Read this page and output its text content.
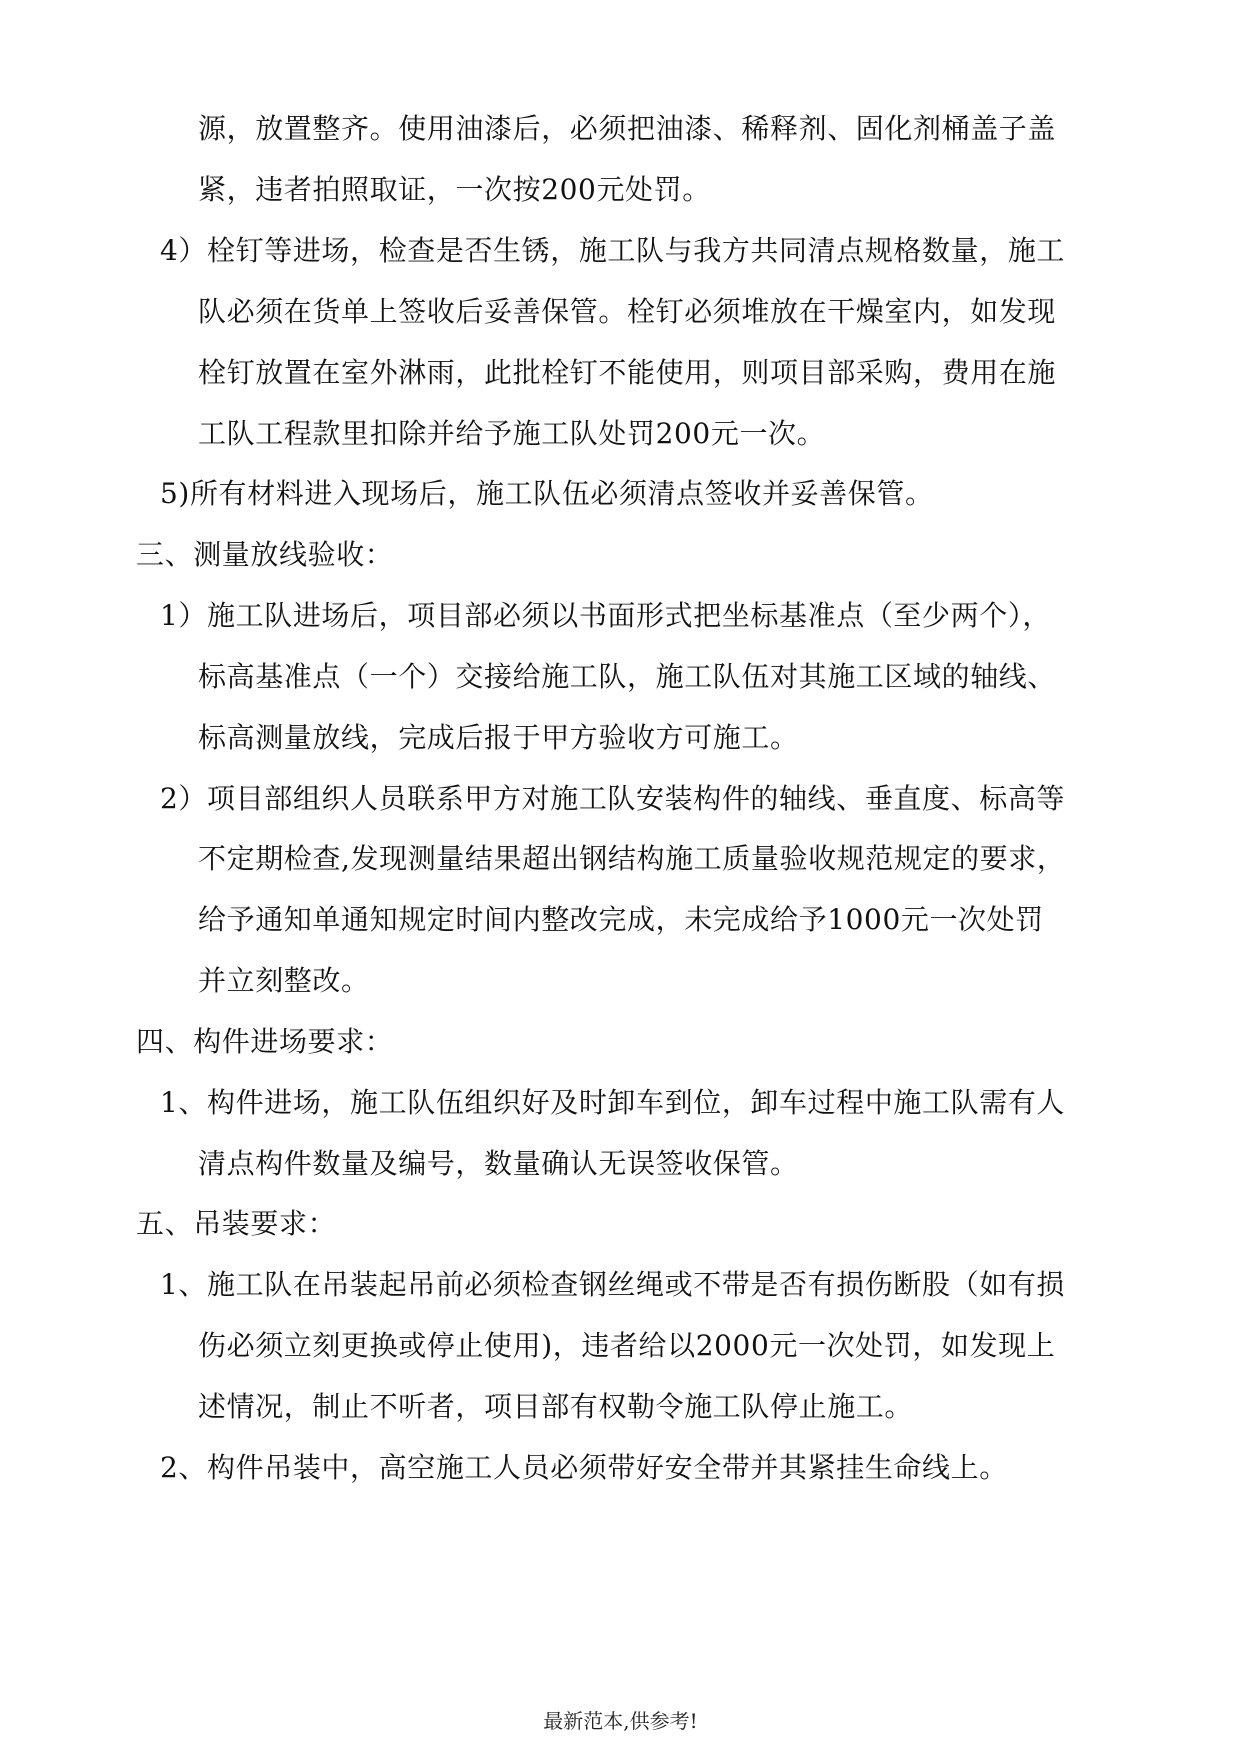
源，放置整齐。使用油漆后，必须把油漆、稀释剂、固化剂桶盖子盖
紧，违者拍照取证，一次按200元处罚。
4）栓钉等进场，检查是否生锈，施工队与我方共同清点规格数量，施工
队必须在货单上签收后妥善保管。栓钉必须堆放在干燥室内，如发现
栓钉放置在室外淋雨，此批栓钉不能使用，则项目部采购，费用在施
工队工程款里扣除并给予施工队处罚200元一次。
5)所有材料进入现场后，施工队伍必须清点签收并妥善保管。
三、测量放线验收：
1）施工队进场后，项目部必须以书面形式把坐标基准点（至少两个），
标高基准点（一个）交接给施工队，施工队伍对其施工区域的轴线、
标高测量放线，完成后报于甲方验收方可施工。
2）项目部组织人员联系甲方对施工队安装构件的轴线、垂直度、标高等
不定期检查,发现测量结果超出钢结构施工质量验收规范规定的要求，
给予通知单通知规定时间内整改完成，未完成给予1000元一次处罚
并立刻整改。
四、构件进场要求：
1、构件进场，施工队伍组织好及时卸车到位，卸车过程中施工队需有人
清点构件数量及编号，数量确认无误签收保管。
五、吊装要求：
1、施工队在吊装起吊前必须检查钢丝绳或不带是否有损伤断股（如有损
伤必须立刻更换或停止使用)，违者给以2000元一次处罚，如发现上
述情况，制止不听者，项目部有权勒令施工队停止施工。
2、构件吊装中，高空施工人员必须带好安全带并其紧挂生命线上。
最新范本,供参考!
